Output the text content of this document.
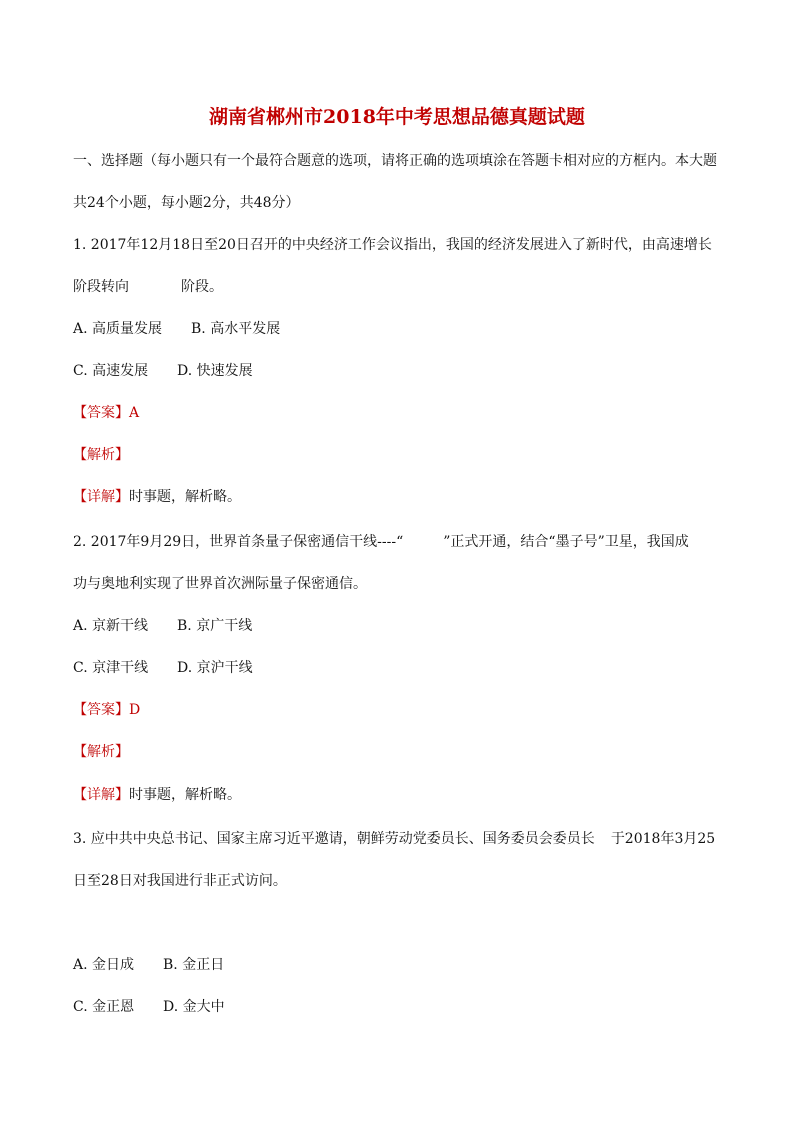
湖南省郴州市2018年中考思想品德真题试题
一、选择题（每小题只有一个最符合题意的选项，请将正确的选项填涂在答题卡相对应的方框内。本大题
共24个小题，每小题2分，共48分）
1. 2017年12月18日至20日召开的中央经济工作会议指出，我国的经济发展进入了新时代，由高速增长
阶段转向	阶段。
A. 高质量发展 B. 高水平发展
C. 高速发展 D. 快速发展
【答案】A
【解析】
【详解】时事题，解析略。
2. 2017年9月29日，世界首条量子保密通信干线----“	”正式开通，结合“墨子号”卫星，我国成
功与奥地利实现了世界首次洲际量子保密通信。
A. 京新干线 B. 京广干线
C. 京津干线 D. 京沪干线
【答案】D
【解析】
【详解】时事题，解析略。
3. 应中共中央总书记、国家主席习近平邀请，朝鲜劳动党委员长、国务委员会委员长 于2018年3月25
日至28日对我国进行非正式访问。
A. 金日成 B. 金正日
C. 金正恩 D. 金大中
